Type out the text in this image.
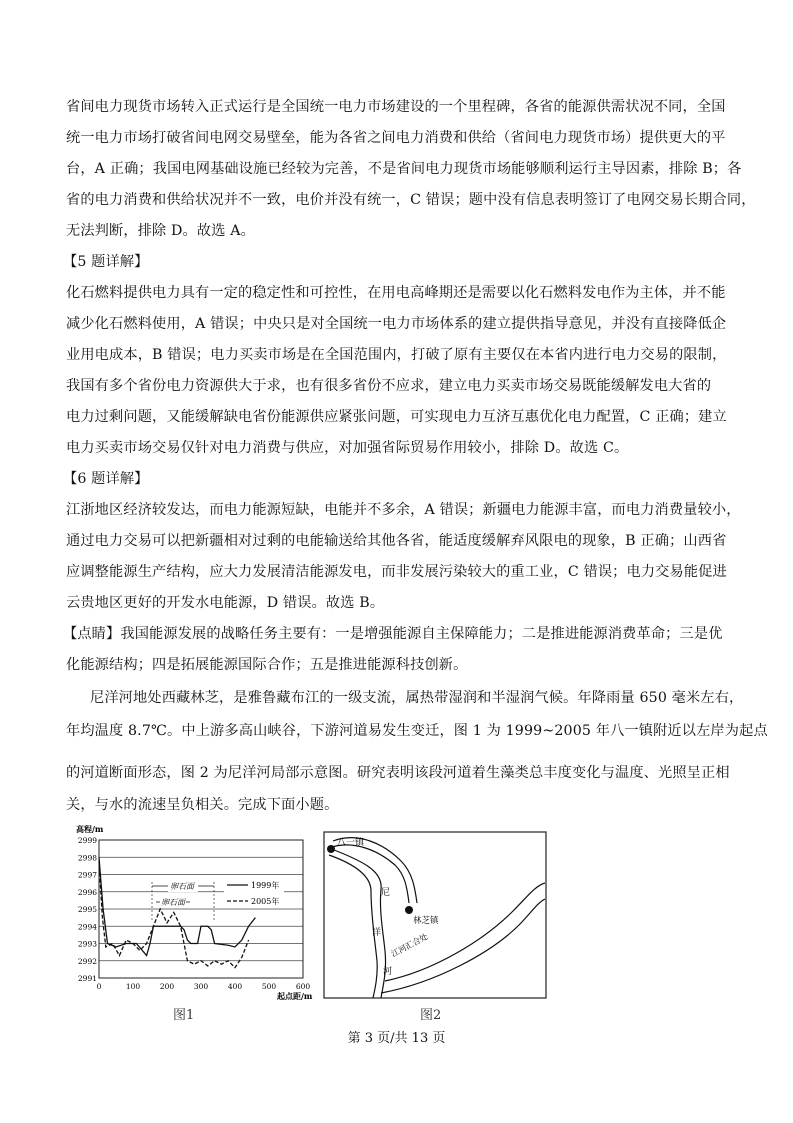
省间电力现货市场转入正式运行是全国统一电力市场建设的一个里程碑，各省的能源供需状况不同，全国
统一电力市场打破省间电网交易壁垒，能为各省之间电力消费和供给（省间电力现货市场）提供更大的平
台，A 正确；我国电网基础设施已经较为完善，不是省间电力现货市场能够顺利运行主导因素，排除 B；各
省的电力消费和供给状况并不一致，电价并没有统一，C 错误；题中没有信息表明签订了电网交易长期合同，
无法判断，排除 D。故选 A。
【5 题详解】
化石燃料提供电力具有一定的稳定性和可控性，在用电高峰期还是需要以化石燃料发电作为主体，并不能
减少化石燃料使用，A 错误；中央只是对全国统一电力市场体系的建立提供指导意见，并没有直接降低企
业用电成本，B 错误；电力买卖市场是在全国范围内，打破了原有主要仅在本省内进行电力交易的限制，
我国有多个省份电力资源供大于求，也有很多省份不应求，建立电力买卖市场交易既能缓解发电大省的
电力过剩问题，又能缓解缺电省份能源供应紧张问题，可实现电力互济互惠优化电力配置，C 正确；建立
电力买卖市场交易仅针对电力消费与供应，对加强省际贸易作用较小，排除 D。故选 C。
【6 题详解】
江浙地区经济较发达，而电力能源短缺，电能并不多余，A 错误；新疆电力能源丰富，而电力消费量较小，
通过电力交易可以把新疆相对过剩的电能输送给其他各省，能适度缓解弃风限电的现象，B 正确；山西省
应调整能源生产结构，应大力发展清洁能源发电，而非发展污染较大的重工业，C 错误；电力交易能促进
云贵地区更好的开发水电能源，D 错误。故选 B。
【点睛】我国能源发展的战略任务主要有：一是增强能源自主保障能力；二是推进能源消费革命；三是优
化能源结构；四是拓展能源国际合作；五是推进能源科技创新。
尼洋河地处西藏林芝，是雅鲁藏布江的一级支流，属热带湿润和半湿润气候。年降雨量 650 毫米左右，
年均温度 8.7℃。中上游多高山峡谷，下游河道易发生变迁，图 1 为 1999~2005 年八一镇附近以左岸为起点
的河道断面形态，图 2 为尼洋河局部示意图。研究表明该段河道着生藻类总丰度变化与温度、光照呈正相
关，与水的流速呈负相关。完成下面小题。
高程/m
2999
2998
2997
2996
2995
2994
2993
2992
2991
0	100	200	300	400	500	600
卵石面
卵石面
1999年
2005年
起点距/m
图1
八一镇
林芝镇
江河汇合处
尼
洋
河
图2
第 3 页/共 13 页
